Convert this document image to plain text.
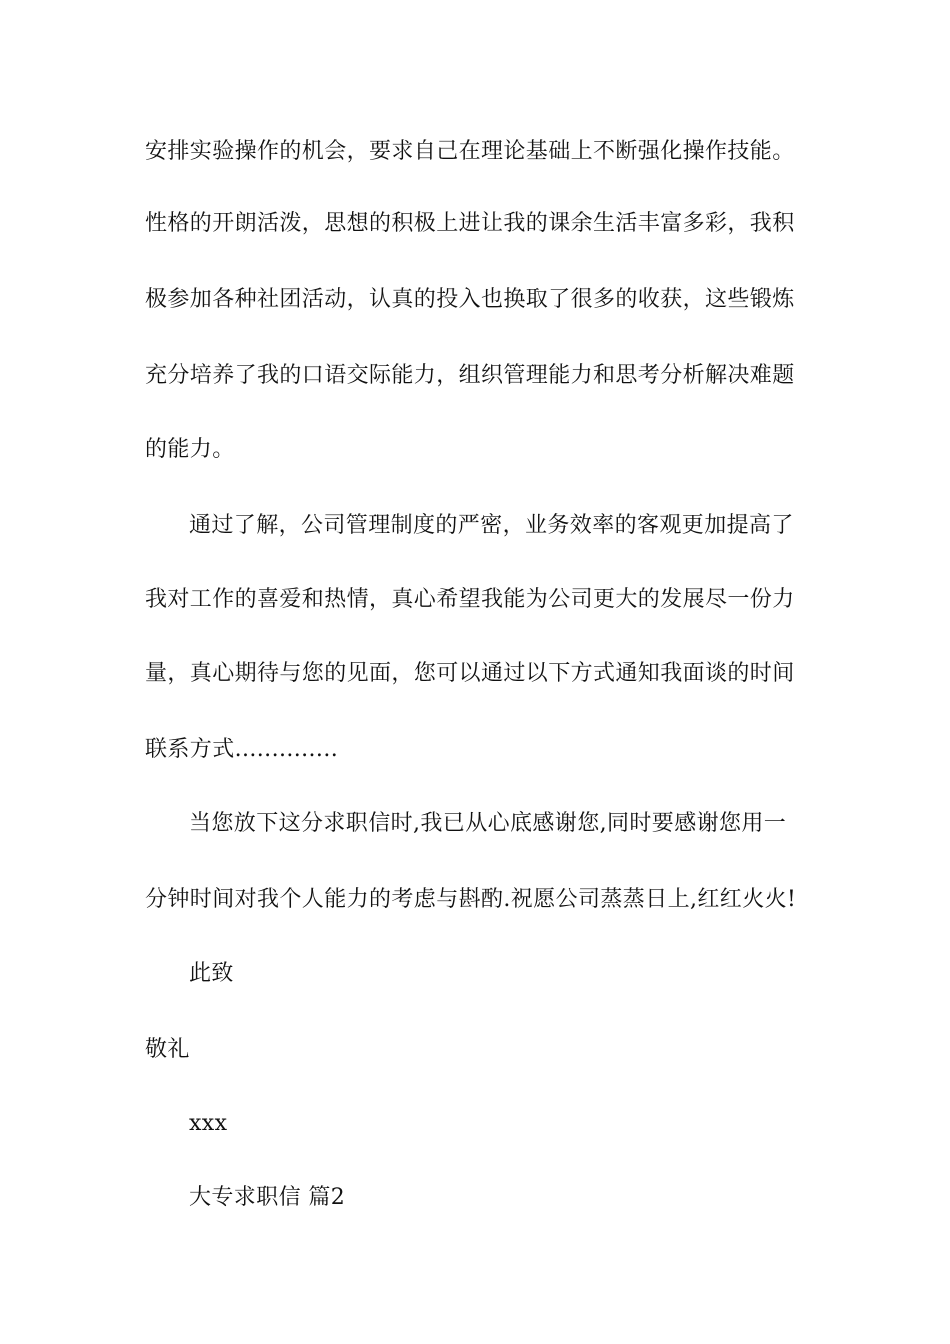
安排实验操作的机会，要求自己在理论基础上不断强化操作技能。
性格的开朗活泼，思想的积极上进让我的课余生活丰富多彩，我积
极参加各种社团活动，认真的投入也换取了很多的收获，这些锻炼
充分培养了我的口语交际能力，组织管理能力和思考分析解决难题
的能力。
通过了解，公司管理制度的严密，业务效率的客观更加提高了
我对工作的喜爱和热情，真心希望我能为公司更大的发展尽一份力
量，真心期待与您的见面，您可以通过以下方式通知我面谈的时间
联系方式..............
当您放下这分求职信时,我已从心底感谢您,同时要感谢您用一
分钟时间对我个人能力的考虑与斟酌.祝愿公司蒸蒸日上,红红火火!
此致
敬礼
xxx
大专求职信 篇2
